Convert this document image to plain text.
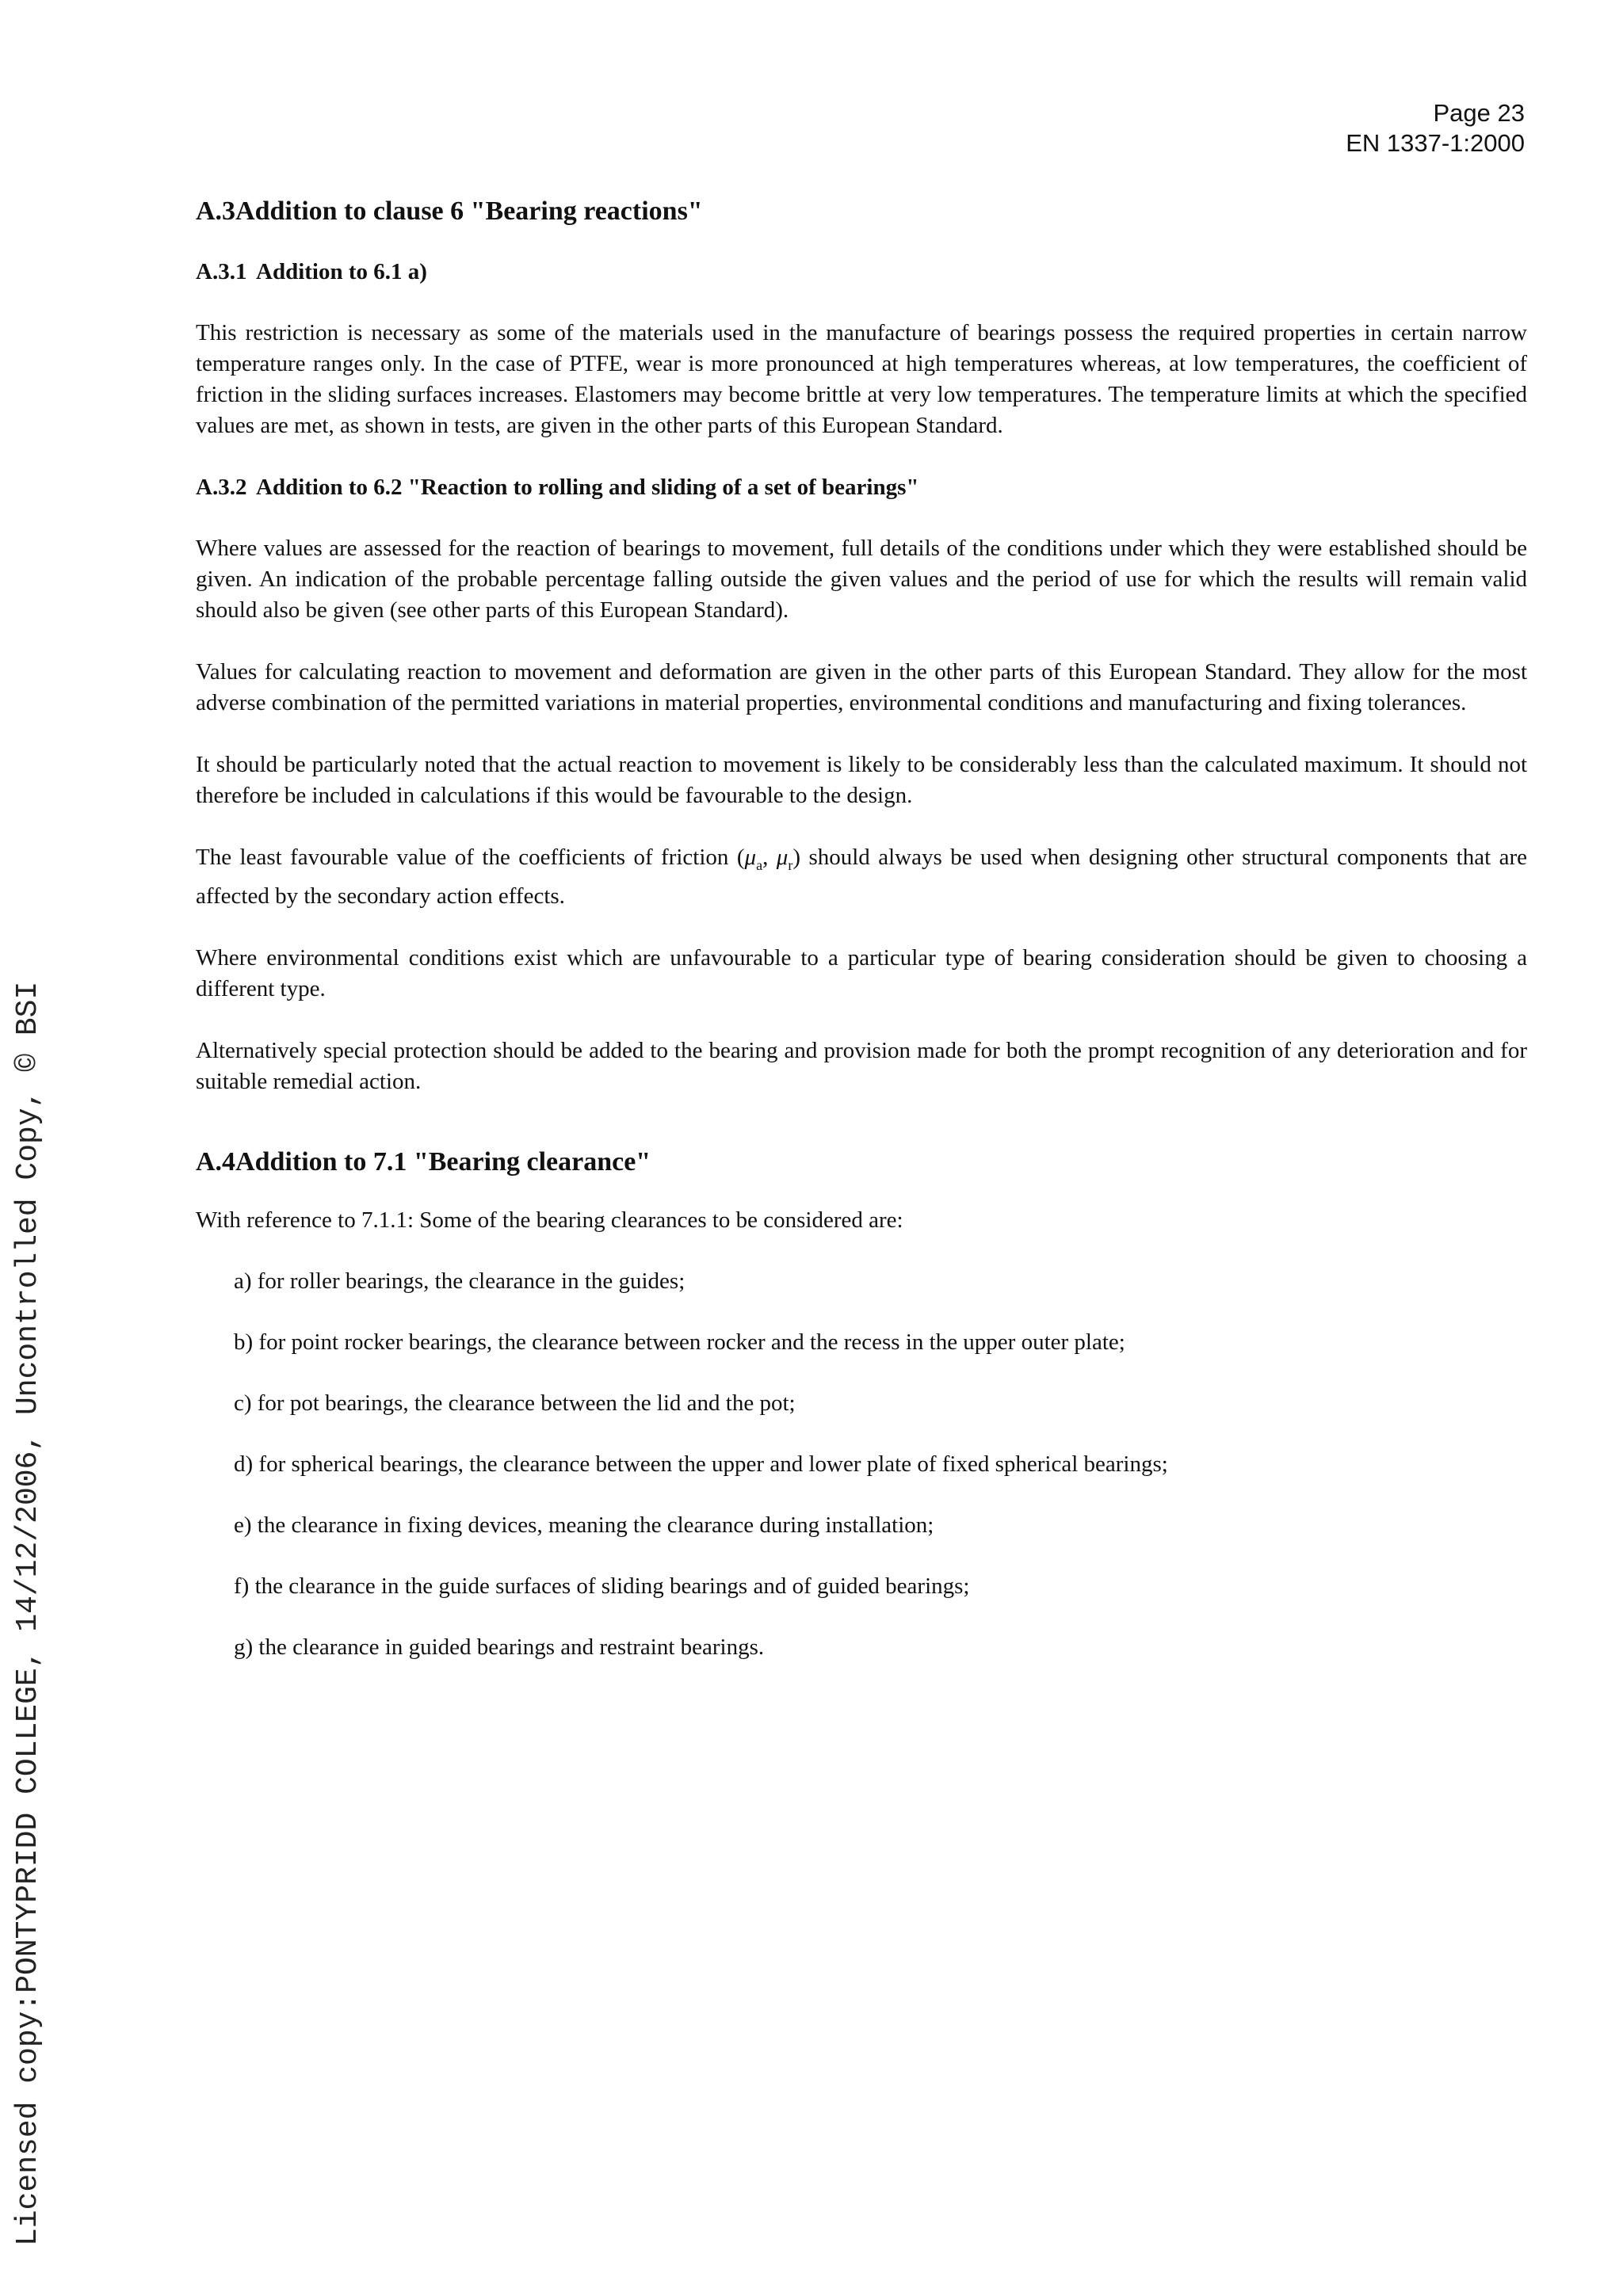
Page 23
EN 1337-1:2000
A.3 Addition to clause 6 "Bearing reactions"
A.3.1 Addition to 6.1 a)

This restriction is necessary as some of the materials used in the manufacture of bearings possess the required properties in certain narrow temperature ranges only. In the case of PTFE, wear is more pronounced at high temperatures whereas, at low temperatures, the coefficient of friction in the sliding surfaces increases. Elastomers may become brittle at very low temperatures. The temperature limits at which the specified values are met, as shown in tests, are given in the other parts of this European Standard.

A.3.2 Addition to 6.2 "Reaction to rolling and sliding of a set of bearings"

Where values are assessed for the reaction of bearings to movement, full details of the conditions under which they were established should be given. An indication of the probable percentage falling outside the given values and the period of use for which the results will remain valid should also be given (see other parts of this European Standard).

Values for calculating reaction to movement and deformation are given in the other parts of this European Standard. They allow for the most adverse combination of the permitted variations in material properties, environmental conditions and manufacturing and fixing tolerances.

It should be particularly noted that the actual reaction to movement is likely to be considerably less than the calculated maximum. It should not therefore be included in calculations if this would be favourable to the design.

The least favourable value of the coefficients of friction ($\mu_a$, $\mu_r$) should always be used when designing other structural components that are affected by the secondary action effects.

Where environmental conditions exist which are unfavourable to a particular type of bearing consideration should be given to choosing a different type.

Alternatively special protection should be added to the bearing and provision made for both the prompt recognition of any deterioration and for suitable remedial action.

A.4 Addition to 7.1 "Bearing clearance"

With reference to 7.1.1: Some of the bearing clearances to be considered are:

a) for roller bearings, the clearance in the guides;
b) for point rocker bearings, the clearance between rocker and the recess in the upper outer plate;
c) for pot bearings, the clearance between the lid and the pot;
d) for spherical bearings, the clearance between the upper and lower plate of fixed spherical bearings;
e) the clearance in fixing devices, meaning the clearance during installation;
f) the clearance in the guide surfaces of sliding bearings and of guided bearings;
g) the clearance in guided bearings and restraint bearings.
Licensed copy:PONTYPRIDD COLLEGE, 14/12/2006, Uncontrolled Copy, © BSI
